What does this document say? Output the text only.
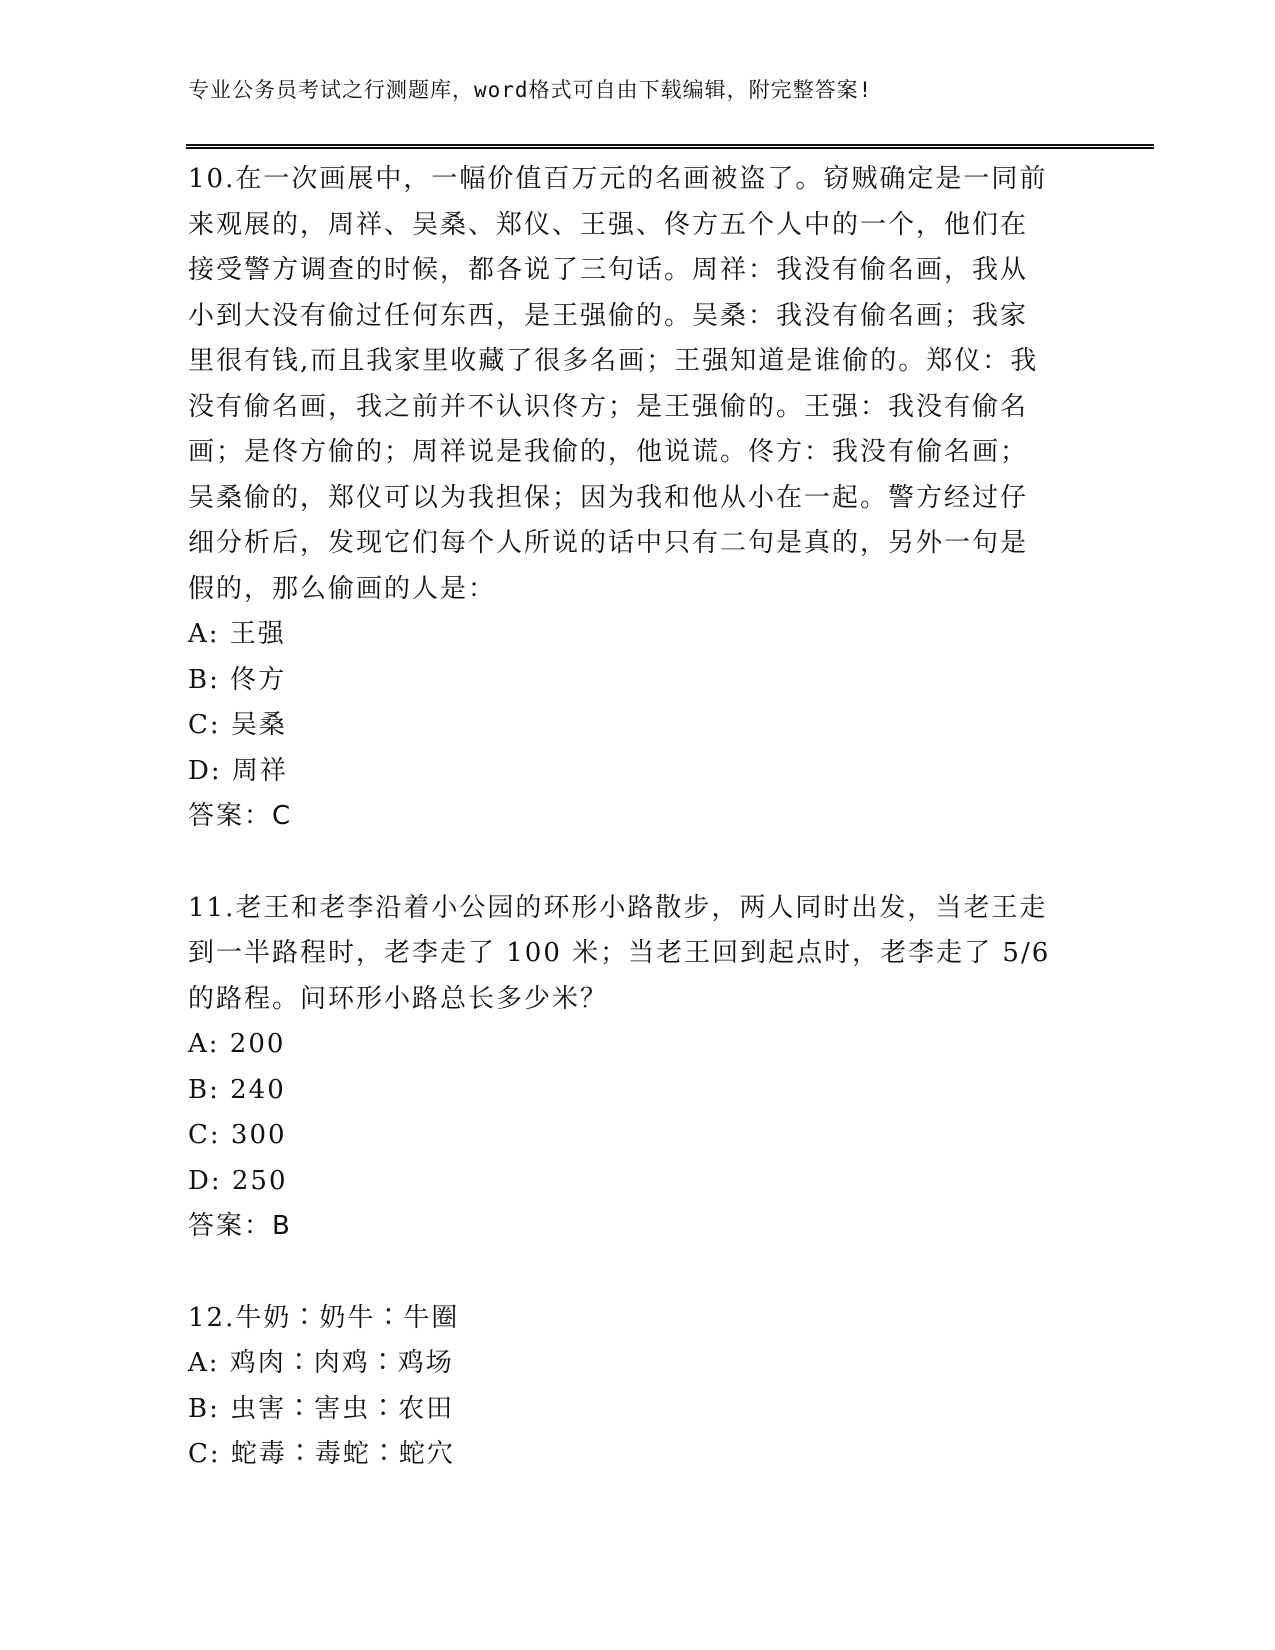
专业公务员考试之行测题库，word格式可自由下载编辑，附完整答案!
10.在一次画展中，一幅价值百万元的名画被盗了。窃贼确定是一同前
来观展的，周祥、吴桑、郑仪、王强、佟方五个人中的一个，他们在
接受警方调查的时候，都各说了三句话。周祥：我没有偷名画，我从
小到大没有偷过任何东西，是王强偷的。吴桑：我没有偷名画；我家
里很有钱,而且我家里收藏了很多名画；王强知道是谁偷的。郑仪：我
没有偷名画，我之前并不认识佟方；是王强偷的。王强：我没有偷名
画；是佟方偷的；周祥说是我偷的，他说谎。佟方：我没有偷名画；
吴桑偷的，郑仪可以为我担保；因为我和他从小在一起。警方经过仔
细分析后，发现它们每个人所说的话中只有二句是真的，另外一句是
假的，那么偷画的人是：
A: 王强
B: 佟方
C: 吴桑
D: 周祥
答案：C
11.老王和老李沿着小公园的环形小路散步，两人同时出发，当老王走
到一半路程时，老李走了 100 米；当老王回到起点时，老李走了 5/6
的路程。问环形小路总长多少米？
A: 200
B: 240
C: 300
D: 250
答案：B
12.牛奶∶奶牛∶牛圈
A: 鸡肉∶肉鸡∶鸡场
B: 虫害∶害虫∶农田
C: 蛇毒∶毒蛇∶蛇穴
